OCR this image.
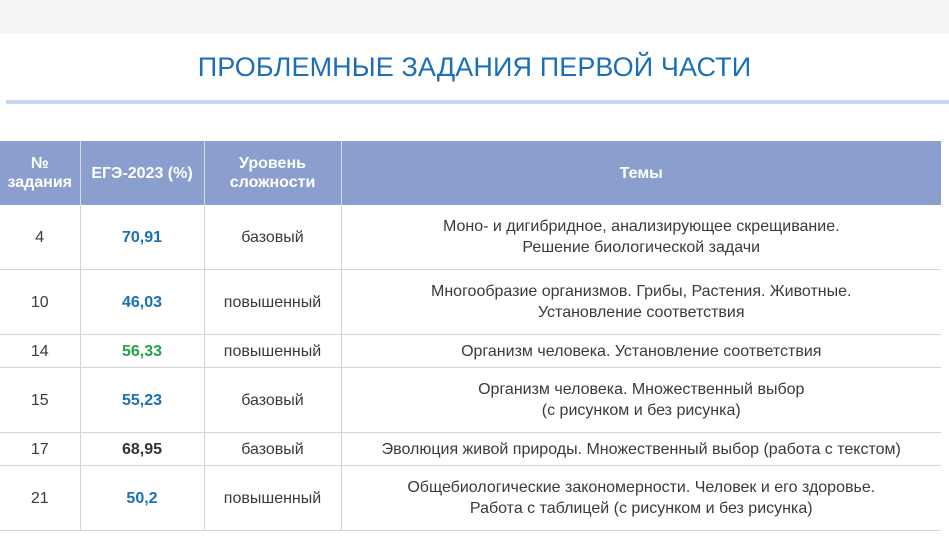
ПРОБЛЕМНЫЕ ЗАДАНИЯ ПЕРВОЙ ЧАСТИ
№ задания	ЕГЭ-2023 (%)	Уровень сложности	Темы
4	70,91	базовый	Моно- и дигибридное, анализирующее скрещивание.
Решение биологической задачи

10	46,03	повышенный	Многообразие организмов. Грибы, Растения. Животные.
Установление соответствия

14	56,33	повышенный	Организм человека. Установление соответствия

15	55,23	базовый	Организм человека. Множественный выбор
(с рисунком и без рисунка)

17	68,95	базовый	Эволюция живой природы. Множественный выбор (работа с текстом)

21	50,2	повышенный	Общебиологические закономерности. Человек и его здоровье.
Работа с таблицей (с рисунком и без рисунка)
